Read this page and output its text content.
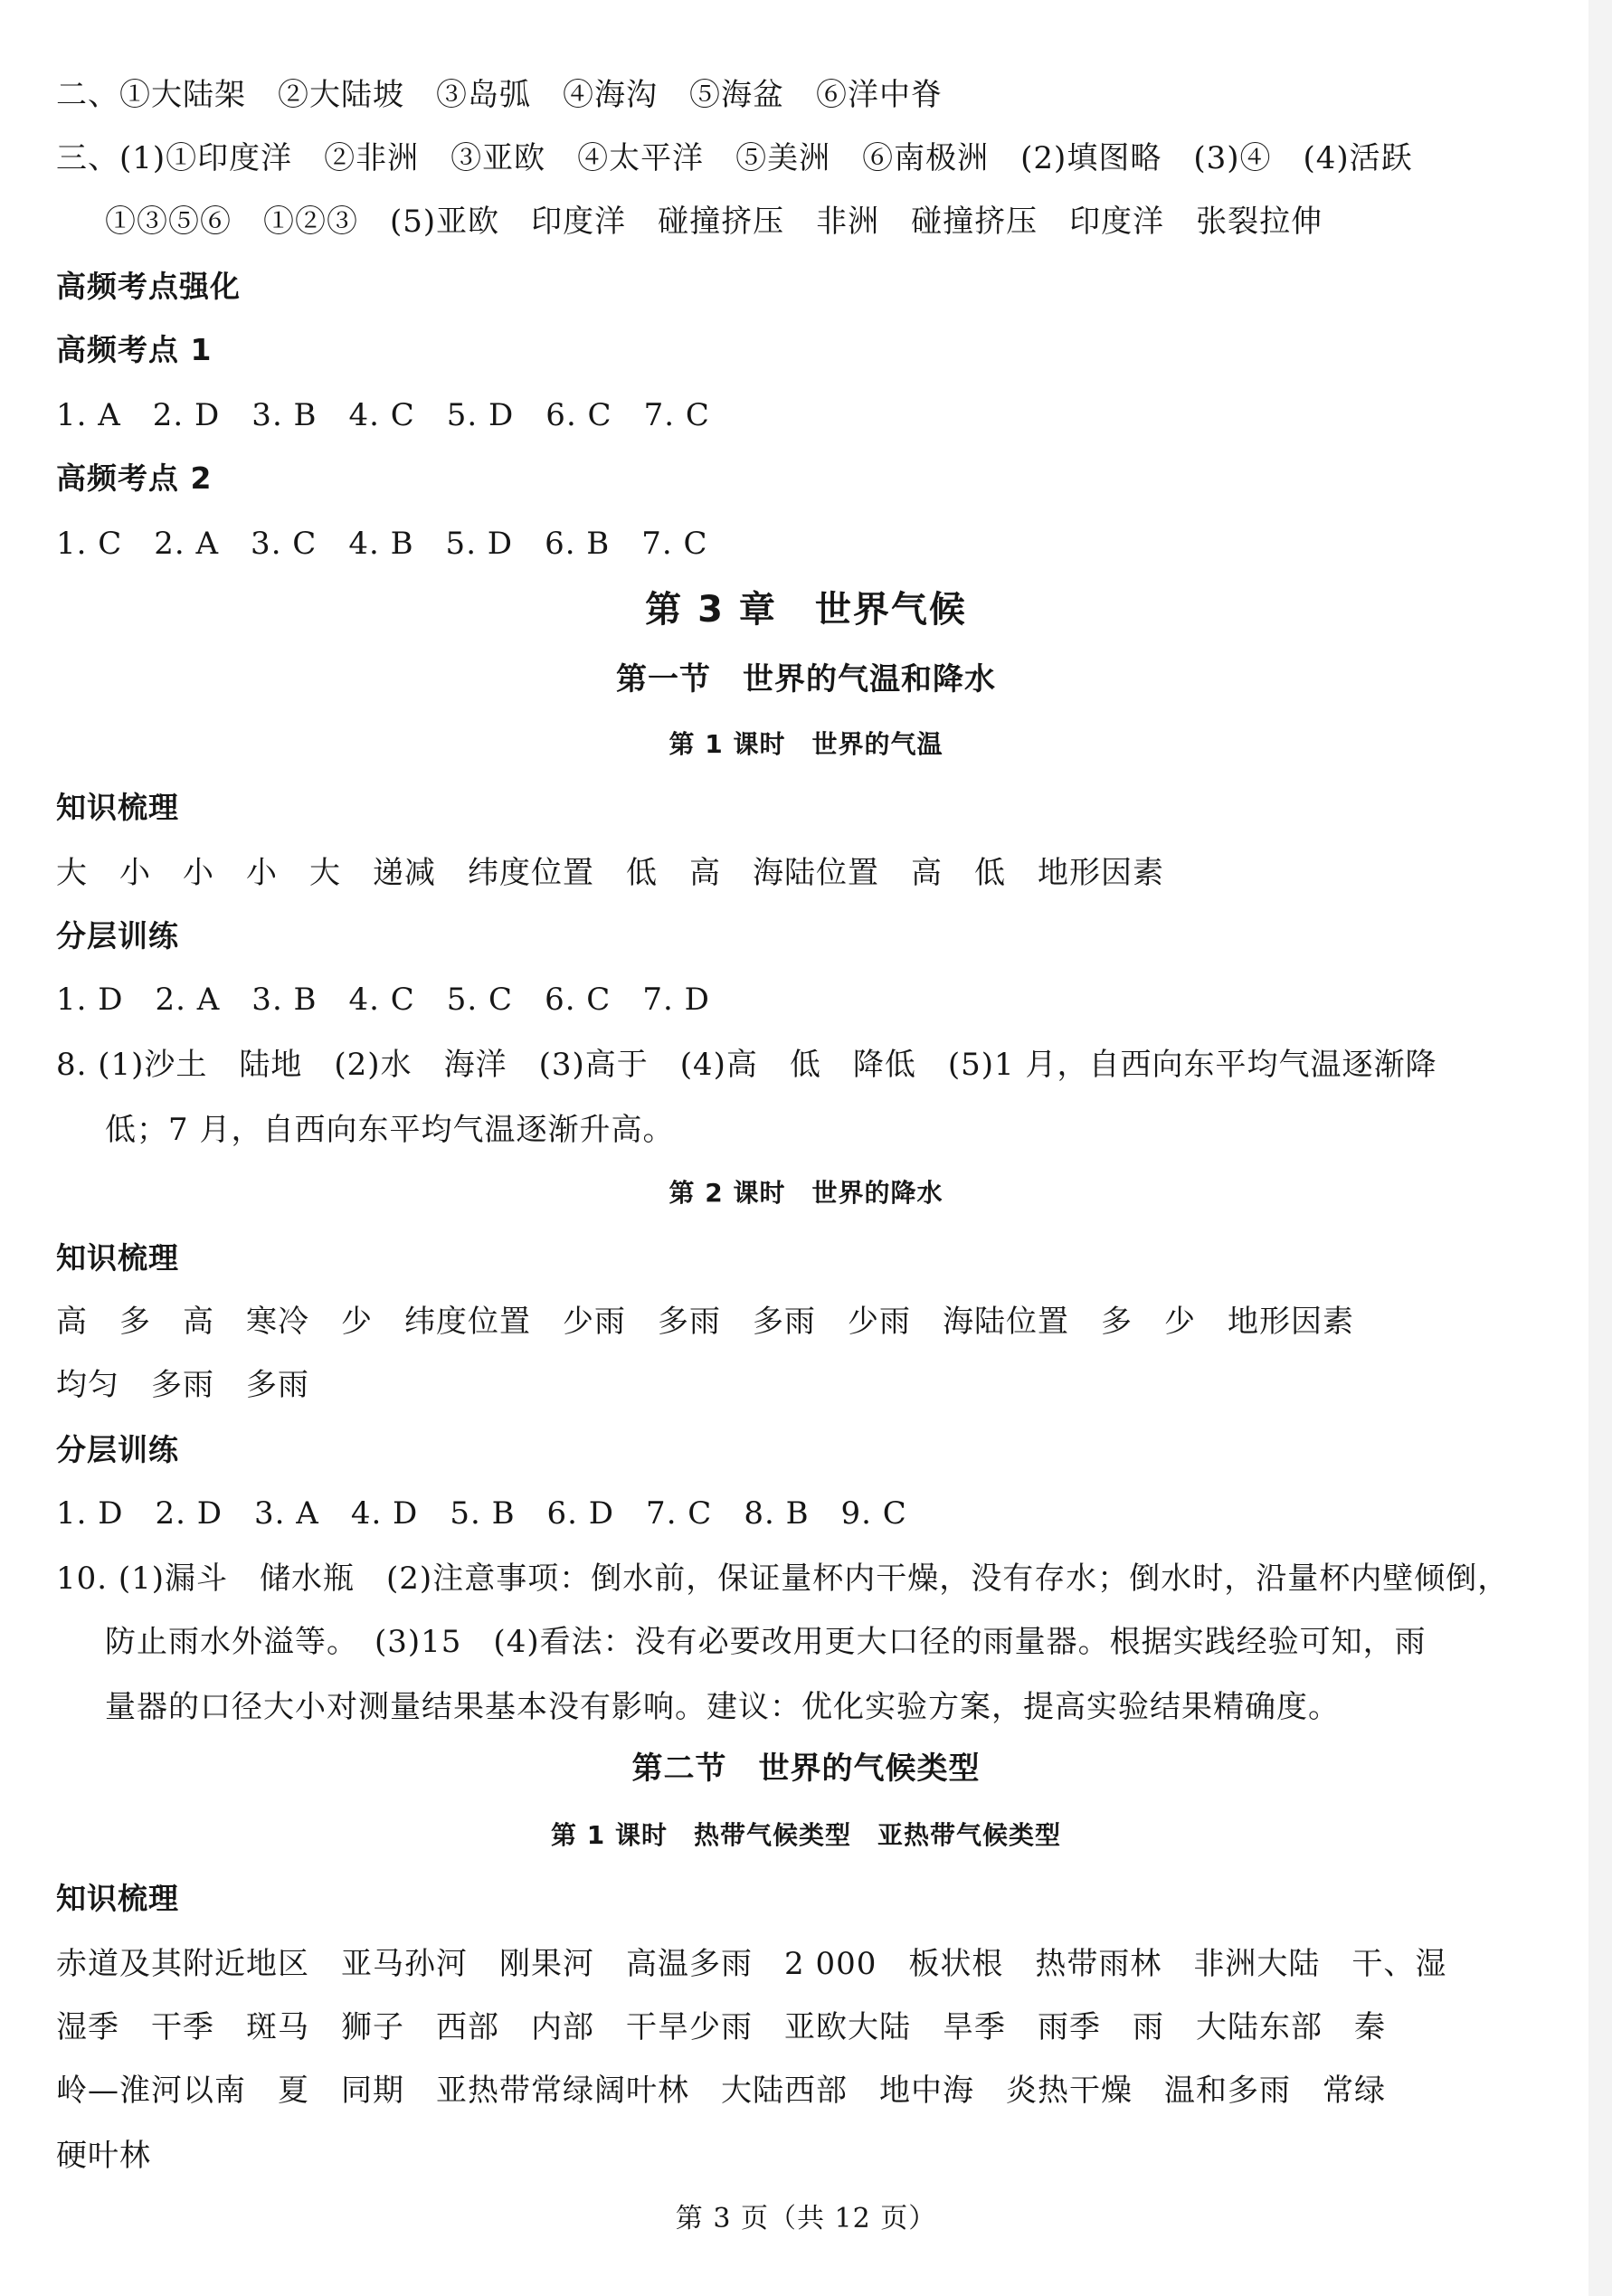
二、①大陆架　②大陆坡　③岛弧　④海沟　⑤海盆　⑥洋中脊
三、(1)①印度洋　②非洲　③亚欧　④太平洋　⑤美洲　⑥南极洲　(2)填图略　(3)④　(4)活跃
①③⑤⑥　①②③　(5)亚欧　印度洋　碰撞挤压　非洲　碰撞挤压　印度洋　张裂拉伸
高频考点强化
高频考点 1
1. A　2. D　3. B　4. C　5. D　6. C　7. C
高频考点 2
1. C　2. A　3. C　4. B　5. D　6. B　7. C
第 3 章　世界气候
第一节　世界的气温和降水
第 1 课时　世界的气温
知识梳理
大　小　小　小　大　递减　纬度位置　低　高　海陆位置　高　低　地形因素
分层训练
1. D　2. A　3. B　4. C　5. C　6. C　7. D
8. (1)沙土　陆地　(2)水　海洋　(3)高于　(4)高　低　降低　(5)1 月，自西向东平均气温逐渐降
低；7 月，自西向东平均气温逐渐升高。
第 2 课时　世界的降水
知识梳理
高　多　高　寒冷　少　纬度位置　少雨　多雨　多雨　少雨　海陆位置　多　少　地形因素
均匀　多雨　多雨
分层训练
1. D　2. D　3. A　4. D　5. B　6. D　7. C　8. B　9. C
10. (1)漏斗　储水瓶　(2)注意事项：倒水前，保证量杯内干燥，没有存水；倒水时，沿量杯内壁倾倒，
防止雨水外溢等。　(3)15　(4)看法：没有必要改用更大口径的雨量器。根据实践经验可知，雨
量器的口径大小对测量结果基本没有影响。建议：优化实验方案，提高实验结果精确度。
第二节　世界的气候类型
第 1 课时　热带气候类型　亚热带气候类型
知识梳理
赤道及其附近地区　亚马孙河　刚果河　高温多雨　2 000　板状根　热带雨林　非洲大陆　干、湿
湿季　干季　斑马　狮子　西部　内部　干旱少雨　亚欧大陆　旱季　雨季　雨　大陆东部　秦
岭—淮河以南　夏　同期　亚热带常绿阔叶林　大陆西部　地中海　炎热干燥　温和多雨　常绿
硬叶林
第 3 页（共 12 页）
